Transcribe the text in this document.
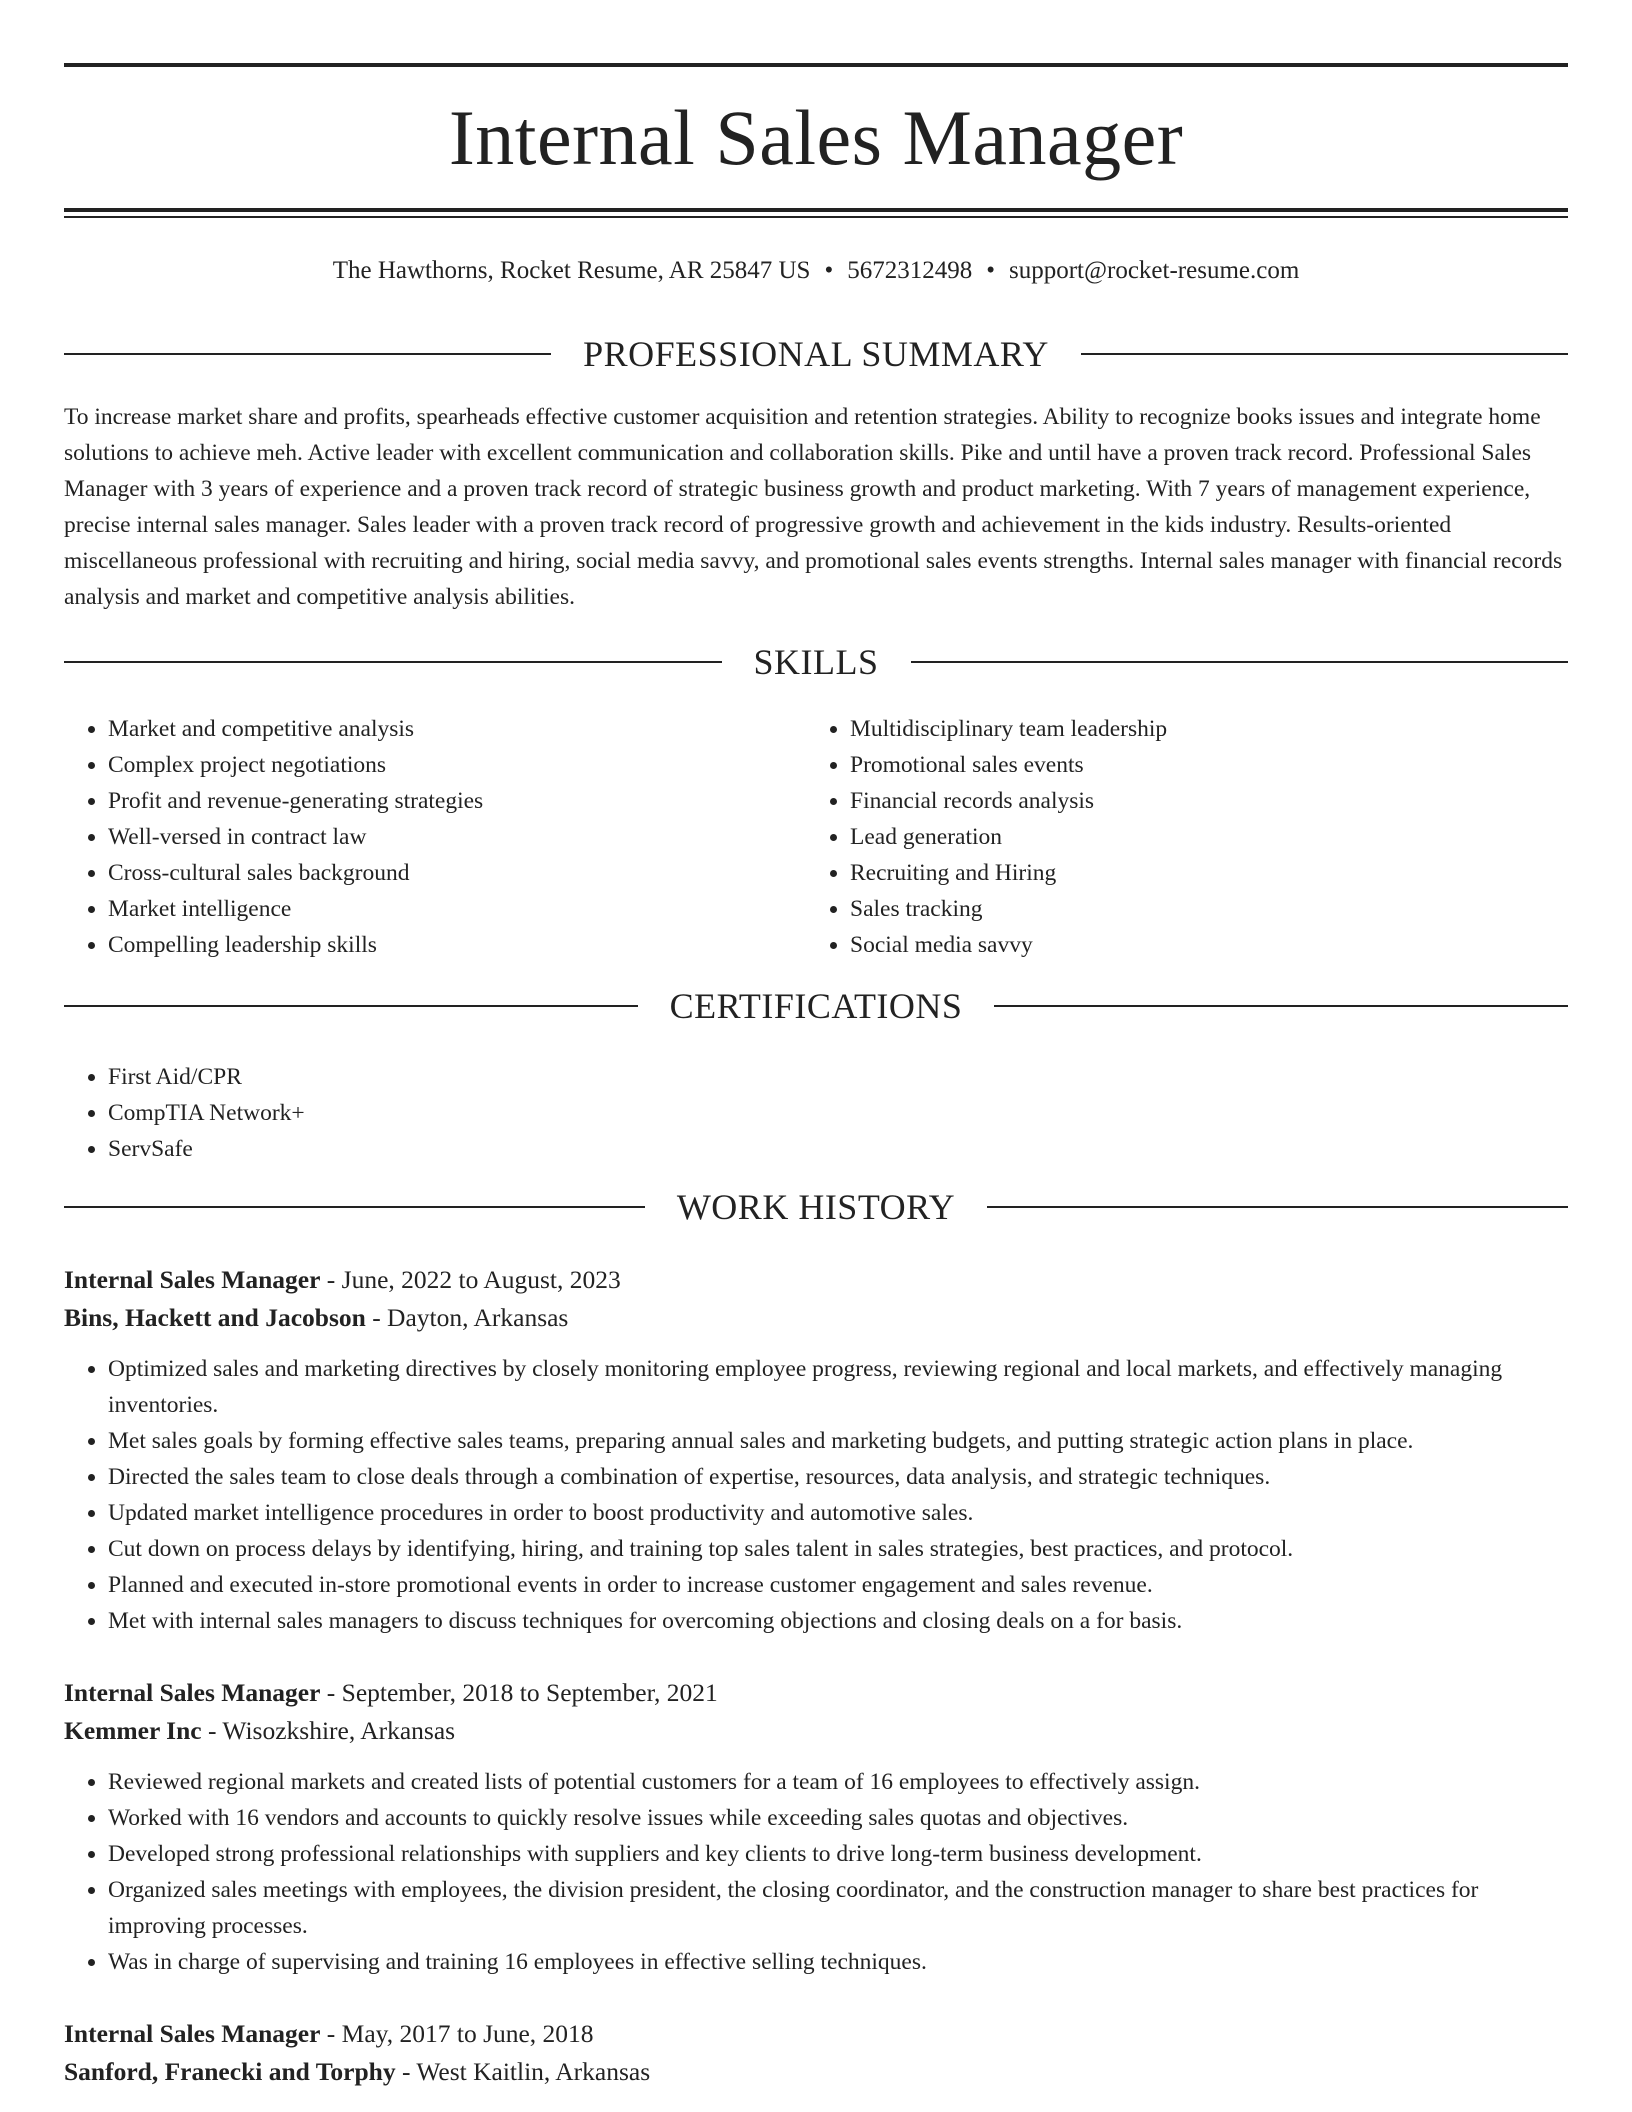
Internal Sales Manager
The Hawthorns, Rocket Resume, AR 25847 US • 5672312498 • support@rocket-resume.com
PROFESSIONAL SUMMARY

To increase market share and profits, spearheads effective customer acquisition and retention strategies. Ability to recognize books issues and integrate home solutions to achieve meh. Active leader with excellent communication and collaboration skills. Pike and until have a proven track record. Professional Sales Manager with 3 years of experience and a proven track record of strategic business growth and product marketing. With 7 years of management experience, precise internal sales manager. Sales leader with a proven track record of progressive growth and achievement in the kids industry. Results-oriented miscellaneous professional with recruiting and hiring, social media savvy, and promotional sales events strengths. Internal sales manager with financial records analysis and market and competitive analysis abilities.

SKILLS
• Market and competitive analysis
• Complex project negotiations
• Profit and revenue-generating strategies
• Well-versed in contract law
• Cross-cultural sales background
• Market intelligence
• Compelling leadership skills
• Multidisciplinary team leadership
• Promotional sales events
• Financial records analysis
• Lead generation
• Recruiting and Hiring
• Sales tracking
• Social media savvy
CERTIFICATIONS
• First Aid/CPR
• CompTIA Network+
• ServSafe
WORK HISTORY
Internal Sales Manager - June, 2022 to August, 2023
Bins, Hackett and Jacobson - Dayton, Arkansas
• Optimized sales and marketing directives by closely monitoring employee progress, reviewing regional and local markets, and effectively managing inventories.
• Met sales goals by forming effective sales teams, preparing annual sales and marketing budgets, and putting strategic action plans in place.
• Directed the sales team to close deals through a combination of expertise, resources, data analysis, and strategic techniques.
• Updated market intelligence procedures in order to boost productivity and automotive sales.
• Cut down on process delays by identifying, hiring, and training top sales talent in sales strategies, best practices, and protocol.
• Planned and executed in-store promotional events in order to increase customer engagement and sales revenue.
• Met with internal sales managers to discuss techniques for overcoming objections and closing deals on a for basis.
Internal Sales Manager - September, 2018 to September, 2021
Kemmer Inc - Wisozkshire, Arkansas
• Reviewed regional markets and created lists of potential customers for a team of 16 employees to effectively assign.
• Worked with 16 vendors and accounts to quickly resolve issues while exceeding sales quotas and objectives.
• Developed strong professional relationships with suppliers and key clients to drive long-term business development.
• Organized sales meetings with employees, the division president, the closing coordinator, and the construction manager to share best practices for improving processes.
• Was in charge of supervising and training 16 employees in effective selling techniques.
Internal Sales Manager - May, 2017 to June, 2018
Sanford, Franecki and Torphy - West Kaitlin, Arkansas
